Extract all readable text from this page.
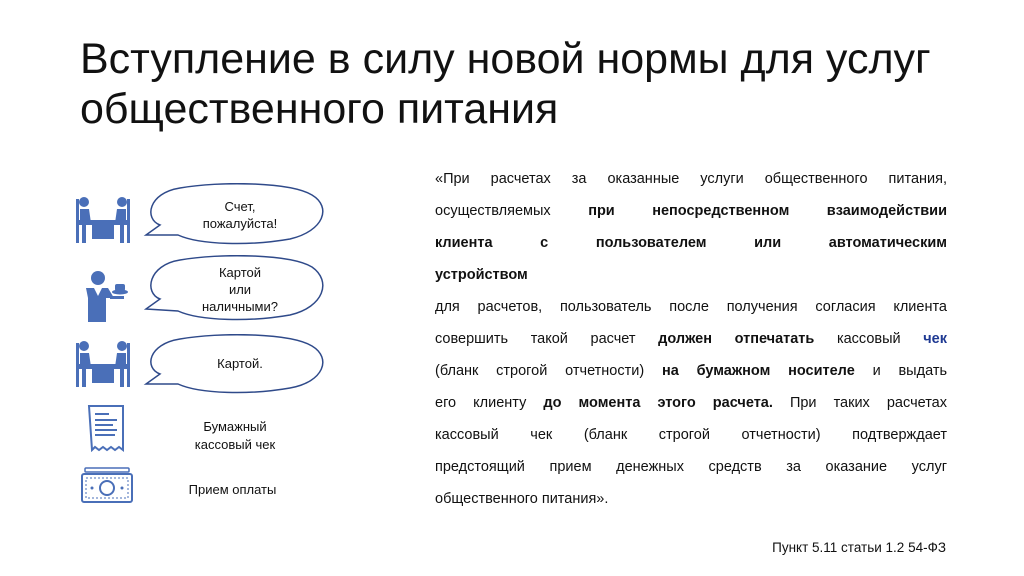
Вступление в силу новой нормы для услуг общественного питания
Счет,
пожалуйста!
Картой
или
наличными?
Картой.
Бумажный
кассовый чек
Прием оплаты
«При расчетах за оказанные услуги общественного питания,
осуществляемых	при непосредственном взаимодействии
клиента с пользователем или автоматическим
устройством
для расчетов, пользователь после получения согласия клиента
совершить такой расчет должен отпечатать кассовый чек
(бланк строгой отчетности) на бумажном носителе и выдать
его клиенту до момента этого расчета. При таких расчетах
кассовый чек (бланк строгой отчетности) подтверждает
предстоящий прием денежных средств за оказание услуг
общественного питания».
Пункт 5.11 статьи 1.2 54-ФЗ
